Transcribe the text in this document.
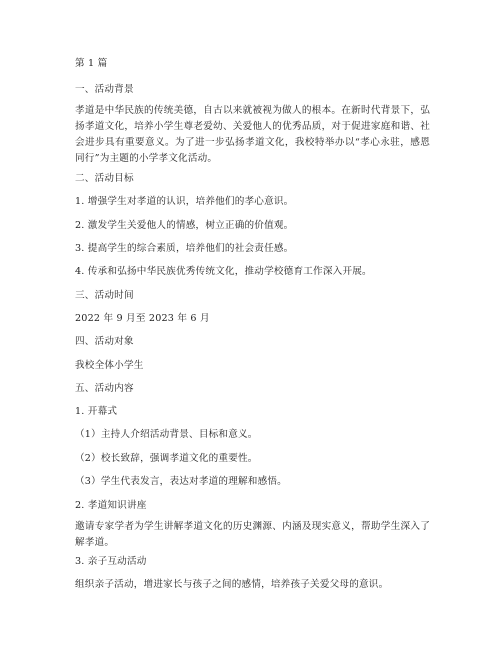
第 1 篇
一、活动背景
孝道是中华民族的传统美德，自古以来就被视为做人的根本。在新时代背景下，弘扬孝道文化，培养小学生尊老爱幼、关爱他人的优秀品质，对于促进家庭和谐、社会进步具有重要意义。为了进一步弘扬孝道文化，我校特举办以“孝心永驻，感恩同行”为主题的小学孝文化活动。
二、活动目标
1. 增强学生对孝道的认识，培养他们的孝心意识。
2. 激发学生关爱他人的情感，树立正确的价值观。
3. 提高学生的综合素质，培养他们的社会责任感。
4. 传承和弘扬中华民族优秀传统文化，推动学校德育工作深入开展。
三、活动时间
2022 年 9 月至 2023 年 6 月
四、活动对象
我校全体小学生
五、活动内容
1. 开幕式
（1）主持人介绍活动背景、目标和意义。
（2）校长致辞，强调孝道文化的重要性。
（3）学生代表发言，表达对孝道的理解和感悟。
2. 孝道知识讲座
邀请专家学者为学生讲解孝道文化的历史渊源、内涵及现实意义，帮助学生深入了解孝道。
3. 亲子互动活动
组织亲子活动，增进家长与孩子之间的感情，培养孩子关爱父母的意识。
